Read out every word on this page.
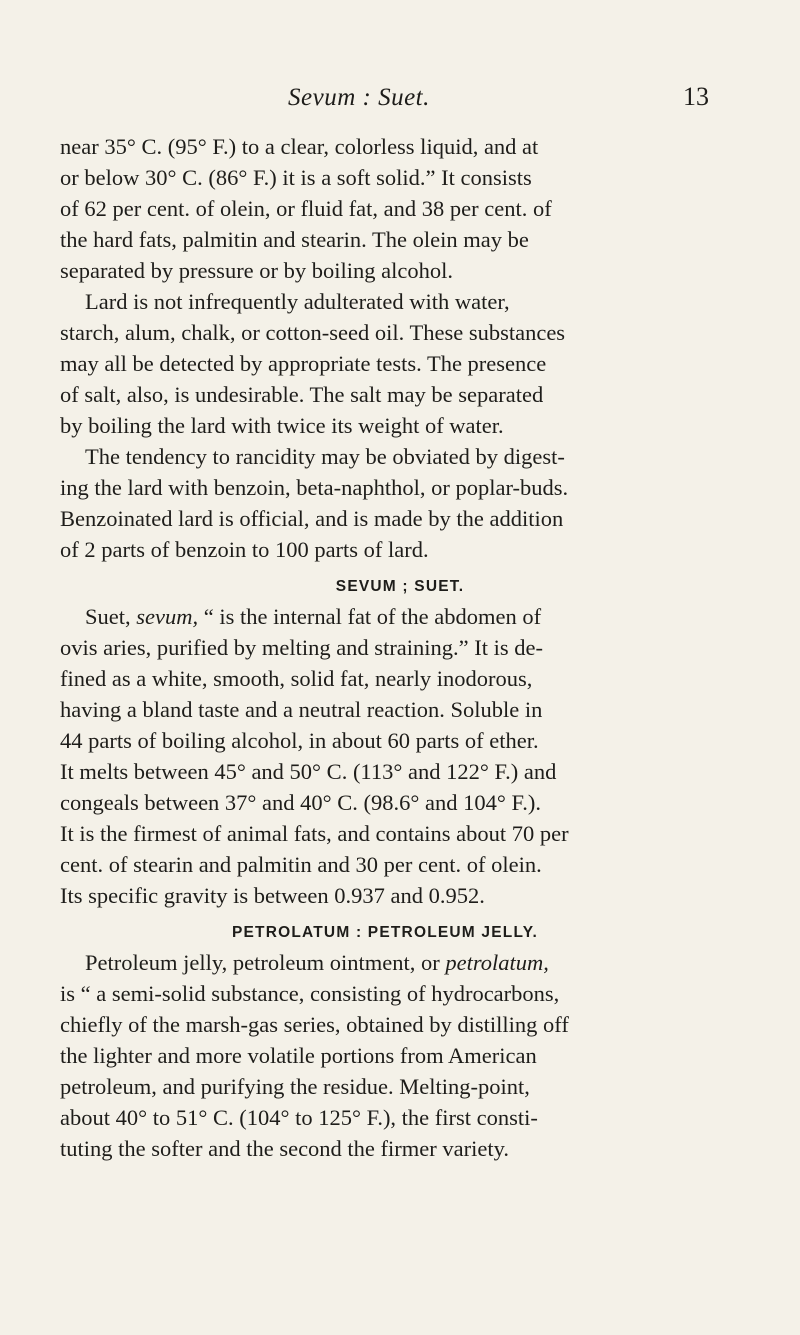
Sevum : Suet.	13
near 35° C. (95° F.) to a clear, colorless liquid, and at
or below 30° C. (86° F.) it is a soft solid.” It consists
of 62 per cent. of olein, or fluid fat, and 38 per cent. of
the hard fats, palmitin and stearin. The olein may be
separated by pressure or by boiling alcohol.
Lard is not infrequently adulterated with water,
starch, alum, chalk, or cotton-seed oil. These substances
may all be detected by appropriate tests. The presence
of salt, also, is undesirable. The salt may be separated
by boiling the lard with twice its weight of water.
The tendency to rancidity may be obviated by digest-
ing the lard with benzoin, beta-naphthol, or poplar-buds.
Benzoinated lard is official, and is made by the addition
of 2 parts of benzoin to 100 parts of lard.
SEVUM ; SUET.
Suet, sevum, “ is the internal fat of the abdomen of
ovis aries, purified by melting and straining.” It is de-
fined as a white, smooth, solid fat, nearly inodorous,
having a bland taste and a neutral reaction. Soluble in
44 parts of boiling alcohol, in about 60 parts of ether.
It melts between 45° and 50° C. (113° and 122° F.) and
congeals between 37° and 40° C. (98.6° and 104° F.).
It is the firmest of animal fats, and contains about 70 per
cent. of stearin and palmitin and 30 per cent. of olein.
Its specific gravity is between 0.937 and 0.952.
PETROLATUM : PETROLEUM JELLY.
Petroleum jelly, petroleum ointment, or petrolatum,
is “ a semi-solid substance, consisting of hydrocarbons,
chiefly of the marsh-gas series, obtained by distilling off
the lighter and more volatile portions from American
petroleum, and purifying the residue. Melting-point,
about 40° to 51° C. (104° to 125° F.), the first consti-
tuting the softer and the second the firmer variety.
